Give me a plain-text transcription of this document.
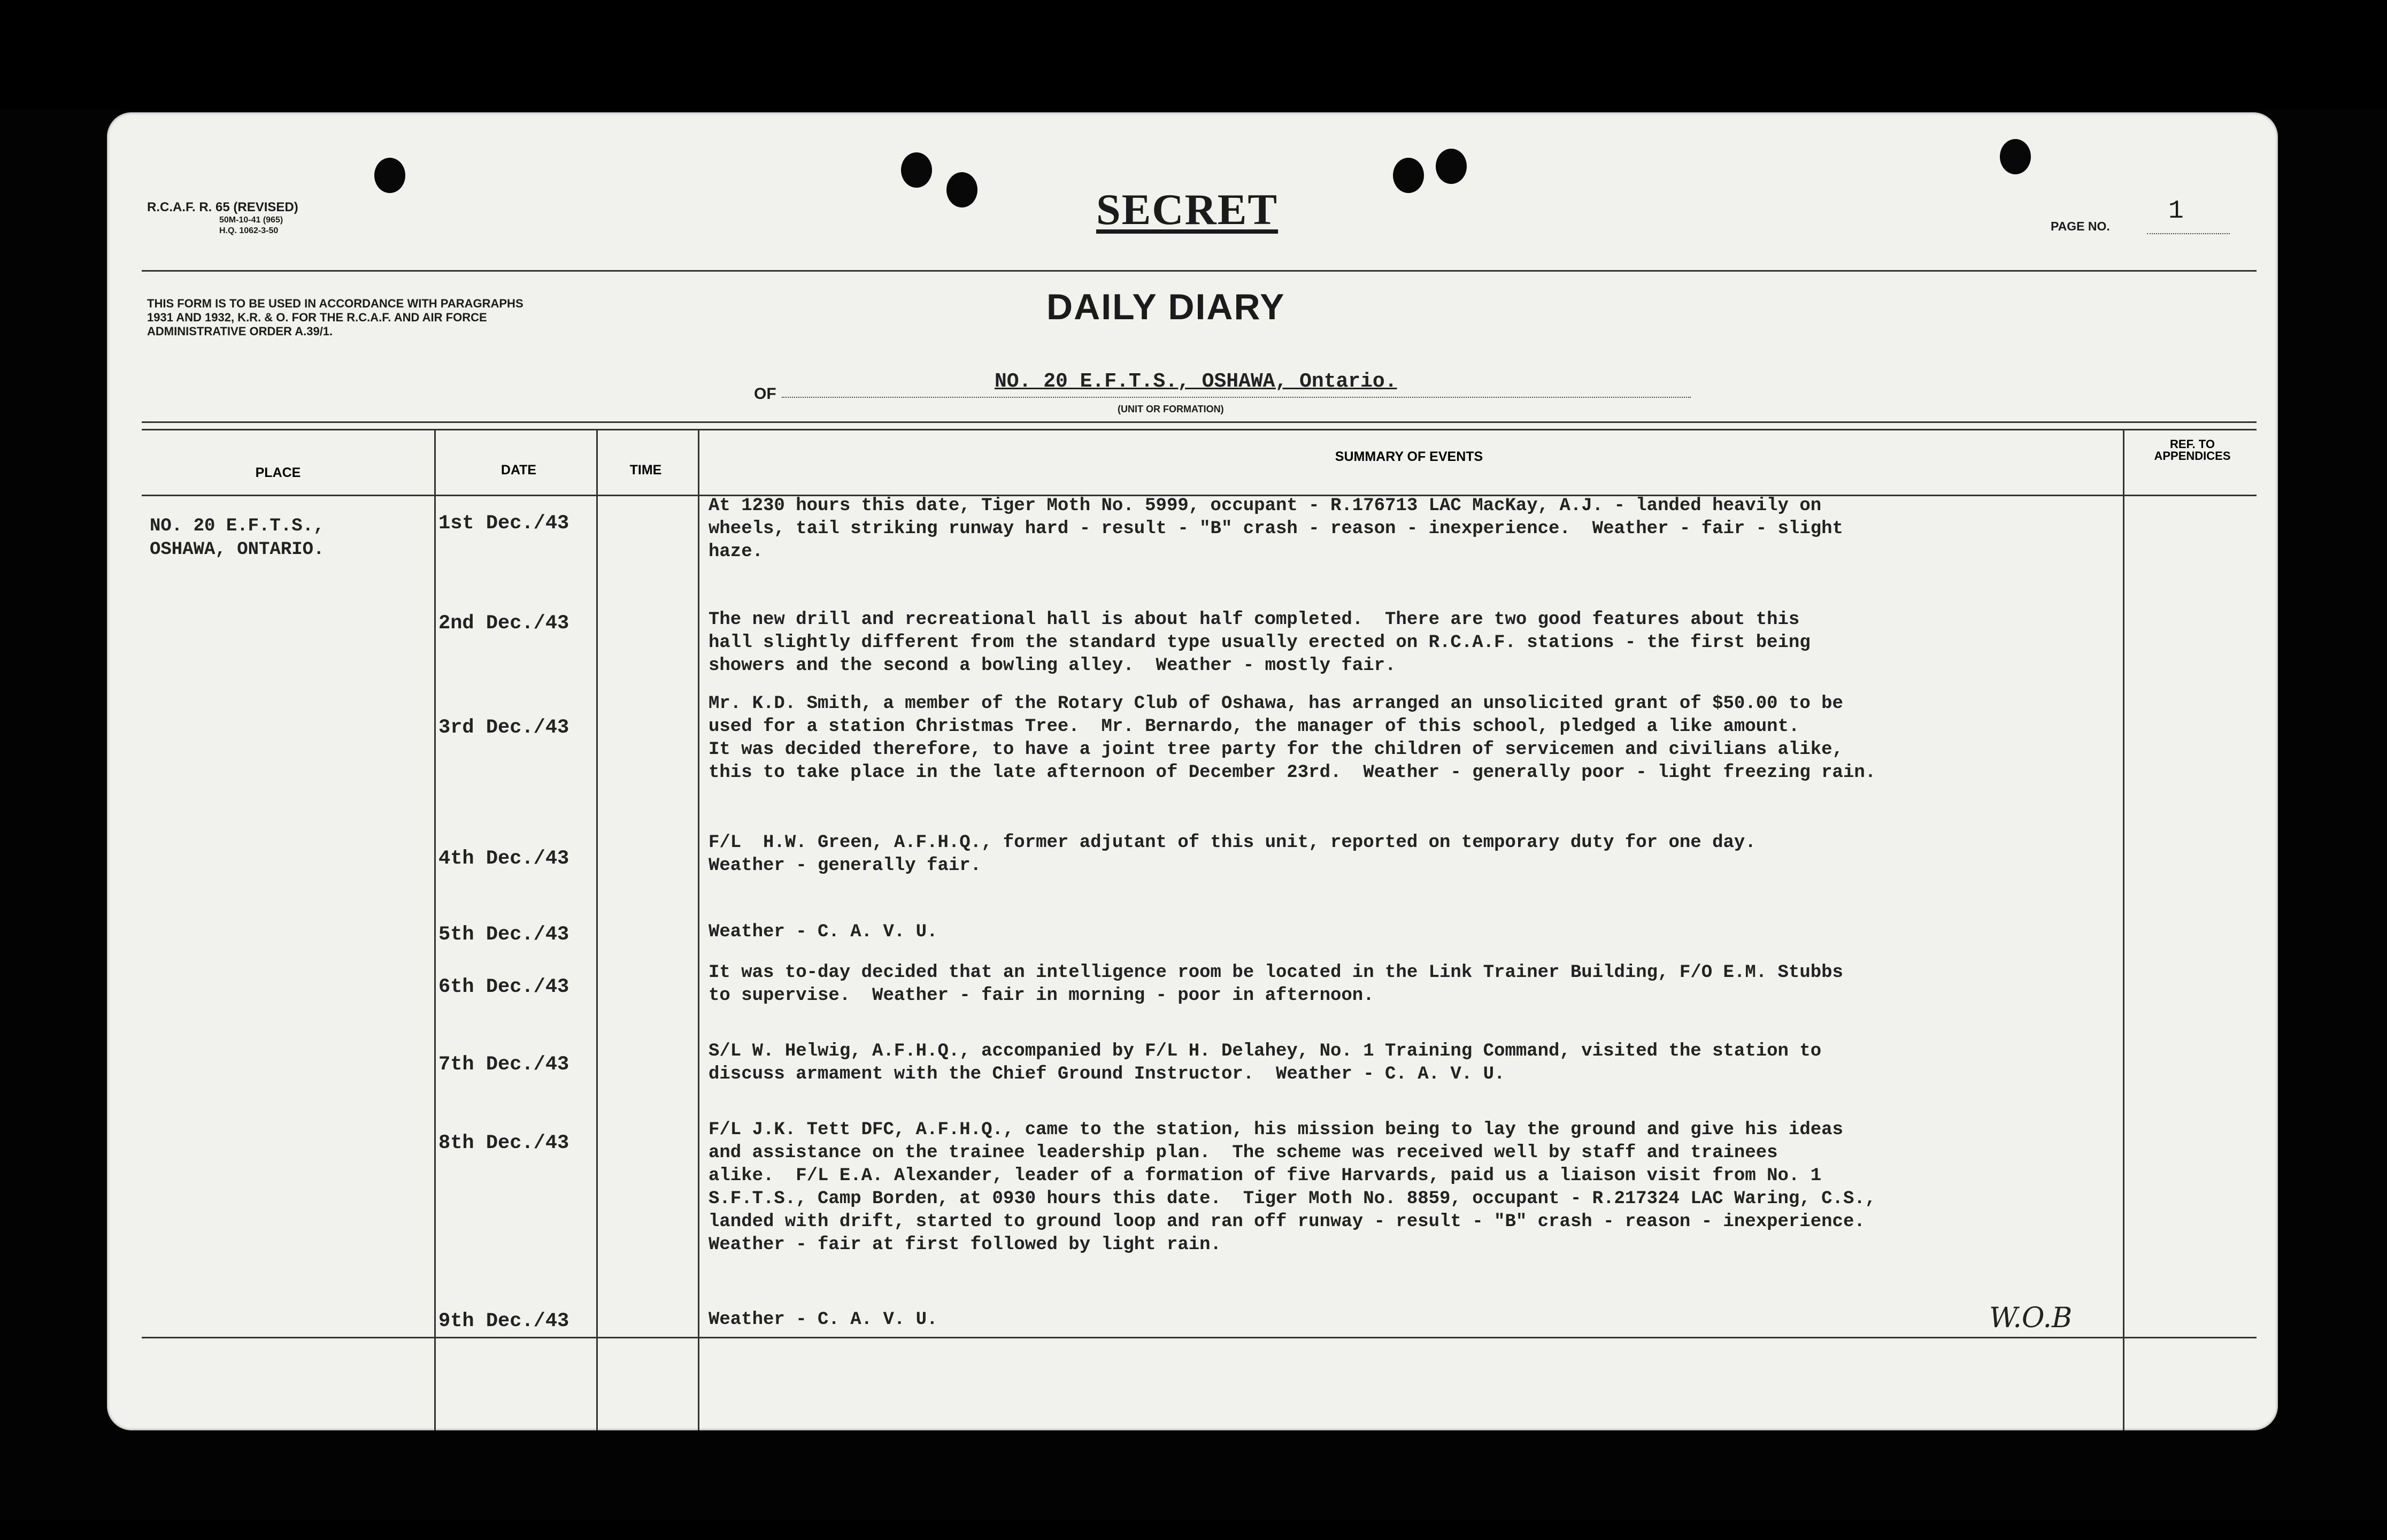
R.C.A.F. R. 65 (REVISED)
50M-10-41 (965)
H.Q. 1062-3-50	SECRET	PAGE NO.
1
THIS FORM IS TO BE USED IN ACCORDANCE WITH PARAGRAPHS 1931 AND 1932, K.R. & O. FOR THE R.C.A.F. AND AIR FORCE ADMINISTRATIVE ORDER A.39/1.
DAILY DIARY
OF
NO. 20 E.F.T.S., OSHAWA, Ontario.
(UNIT OR FORMATION)
PLACE	DATE	TIME
SUMMARY OF EVENTS
REF. TO
APPENDICES
NO. 20 E.F.T.S.,
OSHAWA, ONTARIO.
1st Dec./43
At 1230 hours this date, Tiger Moth No. 5999, occupant - R.176713 LAC MacKay, A.J. - landed heavily on
wheels, tail striking runway hard - result - "B" crash - reason - inexperience.  Weather - fair - slight
haze.
2nd Dec./43	The new drill and recreational hall is about half completed.  There are two good features about this
hall slightly different from the standard type usually erected on R.C.A.F. stations - the first being
showers and the second a bowling alley.  Weather - mostly fair.
3rd Dec./43
Mr. K.D. Smith, a member of the Rotary Club of Oshawa, has arranged an unsolicited grant of $50.00 to be
used for a station Christmas Tree.  Mr. Bernardo, the manager of this school, pledged a like amount.
It was decided therefore, to have a joint tree party for the children of servicemen and civilians alike,
this to take place in the late afternoon of December 23rd.  Weather - generally poor - light freezing rain.
4th Dec./43
F/L  H.W. Green, A.F.H.Q., former adjutant of this unit, reported on temporary duty for one day.
Weather - generally fair.
5th Dec./43	Weather - C. A. V. U.
6th Dec./43
It was to-day decided that an intelligence room be located in the Link Trainer Building, F/O E.M. Stubbs
to supervise.  Weather - fair in morning - poor in afternoon.
7th Dec./43
S/L W. Helwig, A.F.H.Q., accompanied by F/L H. Delahey, No. 1 Training Command, visited the station to
discuss armament with the Chief Ground Instructor.  Weather - C. A. V. U.
8th Dec./43
F/L J.K. Tett DFC, A.F.H.Q., came to the station, his mission being to lay the ground and give his ideas
and assistance on the trainee leadership plan.  The scheme was received well by staff and trainees
alike.  F/L E.A. Alexander, leader of a formation of five Harvards, paid us a liaison visit from No. 1
S.F.T.S., Camp Borden, at 0930 hours this date.  Tiger Moth No. 8859, occupant - R.217324 LAC Waring, C.S.,
landed with drift, started to ground loop and ran off runway - result - "B" crash - reason - inexperience.
Weather - fair at first followed by light rain.
9th Dec./43	Weather - C. A. V. U.	W.O.B
